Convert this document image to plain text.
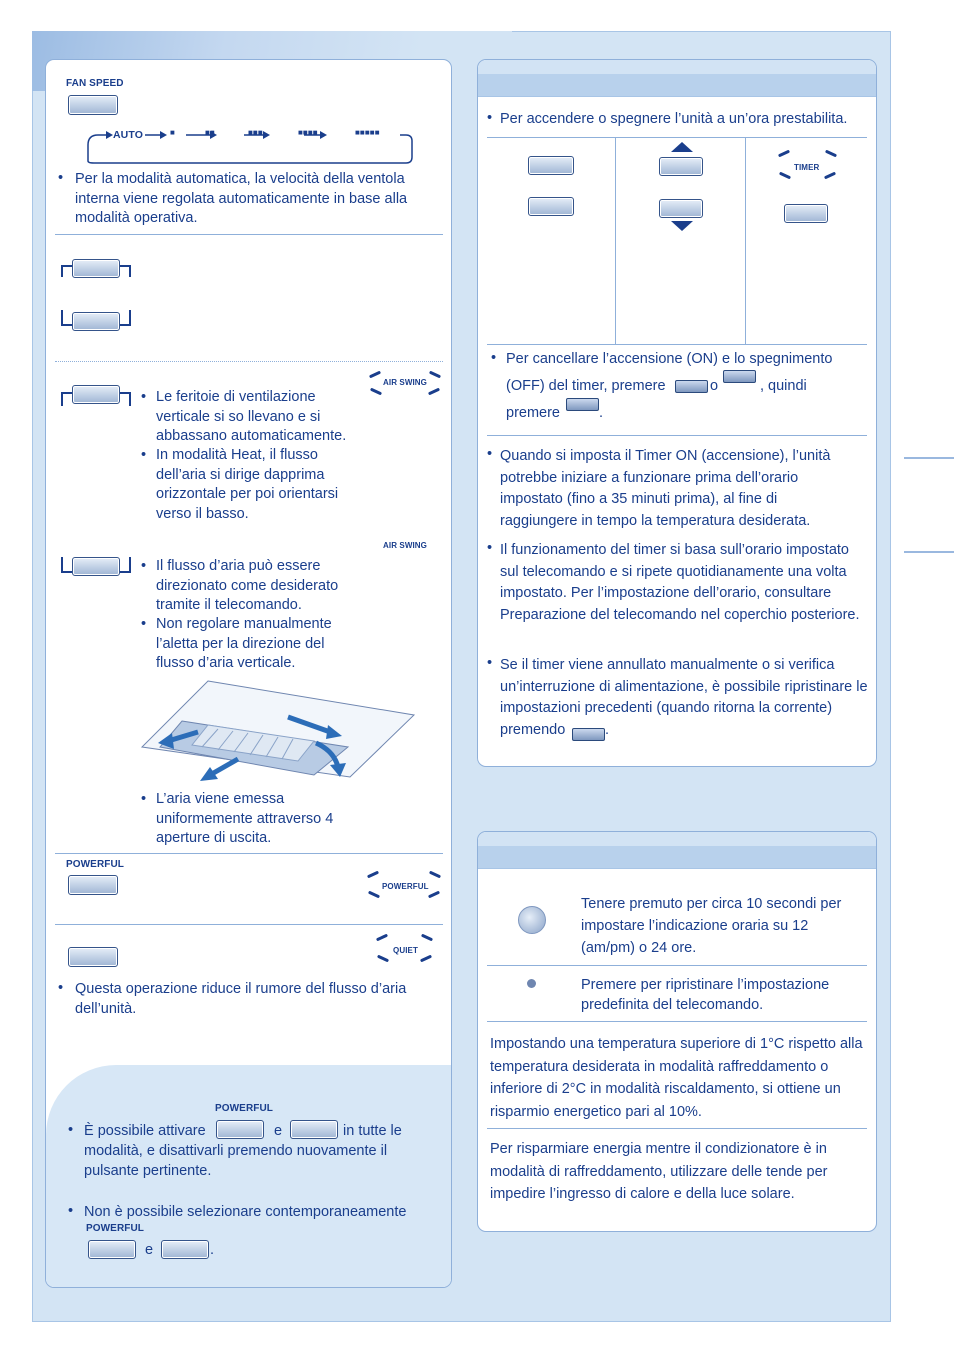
FAN SPEED
AUTO	■	■■	■■■	■■■■	■■■■■
• Per la modalità automatica, la velocità della ventola interna viene regolata automaticamente in base alla modalità operativa.
AIR SWING
• Le feritoie di ventilazione verticale si so llevano e si abbassano automaticamente.
• In modalità Heat, il flusso dell’aria si dirige dapprima orizzontale per poi orientarsi verso il basso.
AIR SWING
• Il flusso d’aria può essere direzionato come desiderato tramite il telecomando.
• Non regolare manualmente l’aletta per la direzione del flusso d’aria verticale.
• L’aria viene emessa uniformemente attraverso 4 aperture di uscita.
POWERFUL
POWERFUL
QUIET
• Questa operazione riduce il rumore del flusso d’aria dell’unità.
POWERFUL
• È possibile attivare	e	in tutte le
modalità, e disattivarli premendo nuovamente il pulsante pertinente.
• Non è possibile selezionare contemporaneamente
POWERFUL
e	.
• Per accendere o spegnere l’unità a un’ora prestabilita.
TIMER
• Per cancellare l’accensione (ON) e lo spegnimento
(OFF) del timer, premere	o	, quindi
premere	.
• Quando si imposta il Timer ON (accensione), l’unità potrebbe iniziare a funzionare prima dell’orario impostato (fino a 35 minuti prima), al fine di raggiungere in tempo la temperatura desiderata.
• Il funzionamento del timer si basa sull’orario impostato sul telecomando e si ripete quotidianamente una volta impostato. Per l’impostazione dell’orario, consultare Preparazione del telecomando nel coperchio posteriore.
• Se il timer viene annullato manualmente o si verifica un’interruzione di alimentazione, è possibile ripristinare le impostazioni precedenti (quando ritorna la corrente) premendo	.
Tenere premuto per circa 10 secondi per impostare l’indicazione oraria su 12 (am/pm) o 24 ore.
Premere per ripristinare l’impostazione predefinita del telecomando.
Impostando una temperatura superiore di 1°C rispetto alla temperatura desiderata in modalità raffreddamento o inferiore di 2°C in modalità riscaldamento, si ottiene un risparmio energetico pari al 10%.
Per risparmiare energia mentre il condizionatore è in modalità di raffreddamento, utilizzare delle tende per impedire l’ingresso di calore e della luce solare.
